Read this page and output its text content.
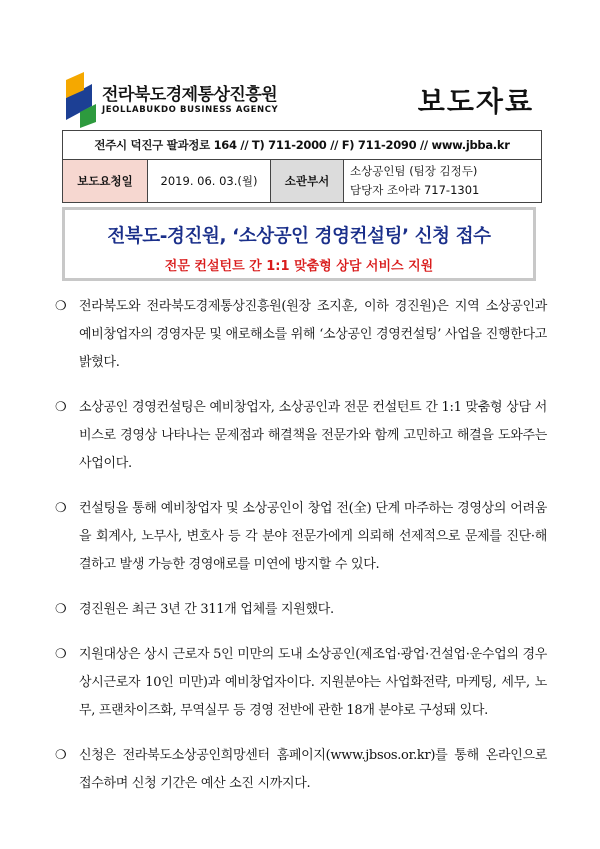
전라북도경제통상진흥원
JEOLLABUKDO BUSINESS AGENCY	보도자료
전주시 덕진구 팔과정로 164 // T) 711-2000 // F) 711-2090 // www.jbba.kr
보도요청일	2019. 06. 03.(월)	소관부서	
소상공인팀 (팀장 김정두)
담당자 조아라 717-1301
전북도-경진원, ‘소상공인 경영컨설팅’ 신청 접수
전문 컨설턴트 간 1:1 맞춤형 상담 서비스 지원
❍ 전라북도와 전라북도경제통상진흥원(원장 조지훈, 이하 경진원)은 지역 소상공인과 예비창업자의 경영자문 및 애로해소를 위해 ‘소상공인 경영컨설팅’ 사업을 진행한다고 밝혔다.
❍ 소상공인 경영컨설팅은 예비창업자, 소상공인과 전문 컨설턴트 간 1:1 맞춤형 상담 서비스로 경영상 나타나는 문제점과 해결책을 전문가와 함께 고민하고 해결을 도와주는 사업이다.
❍ 컨설팅을 통해 예비창업자 및 소상공인이 창업 전(全) 단계 마주하는 경영상의 어려움을 회계사, 노무사, 변호사 등 각 분야 전문가에게 의뢰해 선제적으로 문제를 진단·해결하고 발생 가능한 경영애로를 미연에 방지할 수 있다.
❍ 경진원은 최근 3년 간 311개 업체를 지원했다.
❍ 지원대상은 상시 근로자 5인 미만의 도내 소상공인(제조업·광업·건설업·운수업의 경우 상시근로자 10인 미만)과 예비창업자이다. 지원분야는 사업화전략, 마케팅, 세무, 노무, 프랜차이즈화, 무역실무 등 경영 전반에 관한 18개 분야로 구성돼 있다.
❍ 신청은 전라북도소상공인희망센터 홈페이지(www.jbsos.or.kr)를 통해 온라인으로 접수하며 신청 기간은 예산 소진 시까지다.
